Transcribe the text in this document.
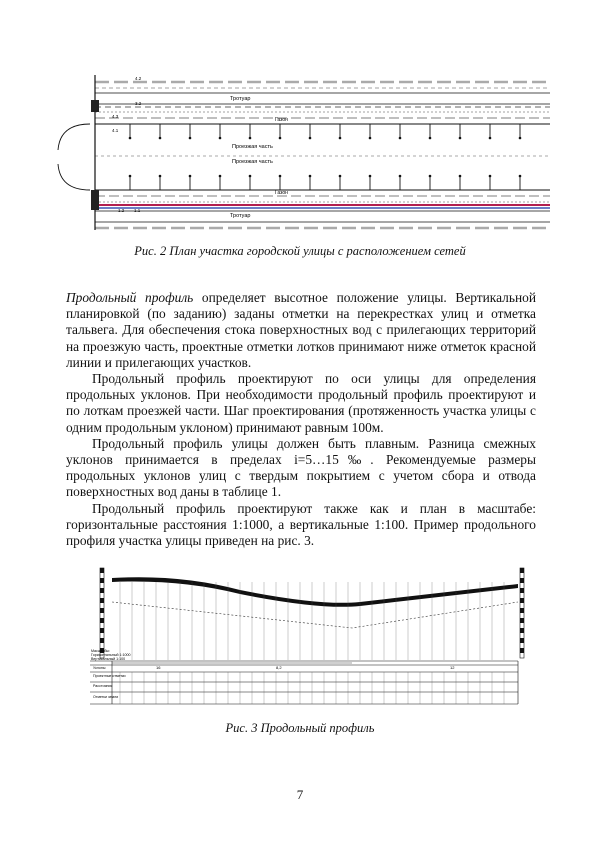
Тротуар
Газон
Проезжая часть
Проезжая часть
Газон
Тротуар
4.2
3.2
4.1
4.3
1.2 1.1
Рис. 2 План участка городской улицы с расположением сетей

Продольный профиль определяет высотное положение улицы. Вертикальной планировкой (по заданию) заданы отметки на перекрестках улиц и отметка тальвега. Для обеспечения стока поверхностных вод с прилегающих территорий на проезжую часть, проектные отметки лотков принимают ниже отметок красной линии и прилегающих участков.

Продольный профиль проектируют по оси улицы для определения продольных уклонов. При необходимости продольный профиль проектируют и по лоткам проезжей части. Шаг проектирования (протяженность участка улицы с одним продольным уклоном) принимают равным 100м.

Продольный профиль улицы должен быть плавным. Разница смежных уклонов принимается в пределах i=5…15‰. Рекомендуемые размеры продольных уклонов улиц с твердым покрытием с учетом сбора и отвода поверхностных вод даны в таблице 1.

Продольный профиль проектируют также как и план в масштабе: горизонтальные расстояния 1:1000, а вертикальные 1:100. Пример продольного профиля участка улицы приведен на рис. 3.

Масштабы:
Горизонтальный 1:1000
Вертикальный 1:100
Уклоны
Проектные отметки
Расстояния
Отметки земли
16	8,2	12
Рис. 3 Продольный профиль
7
